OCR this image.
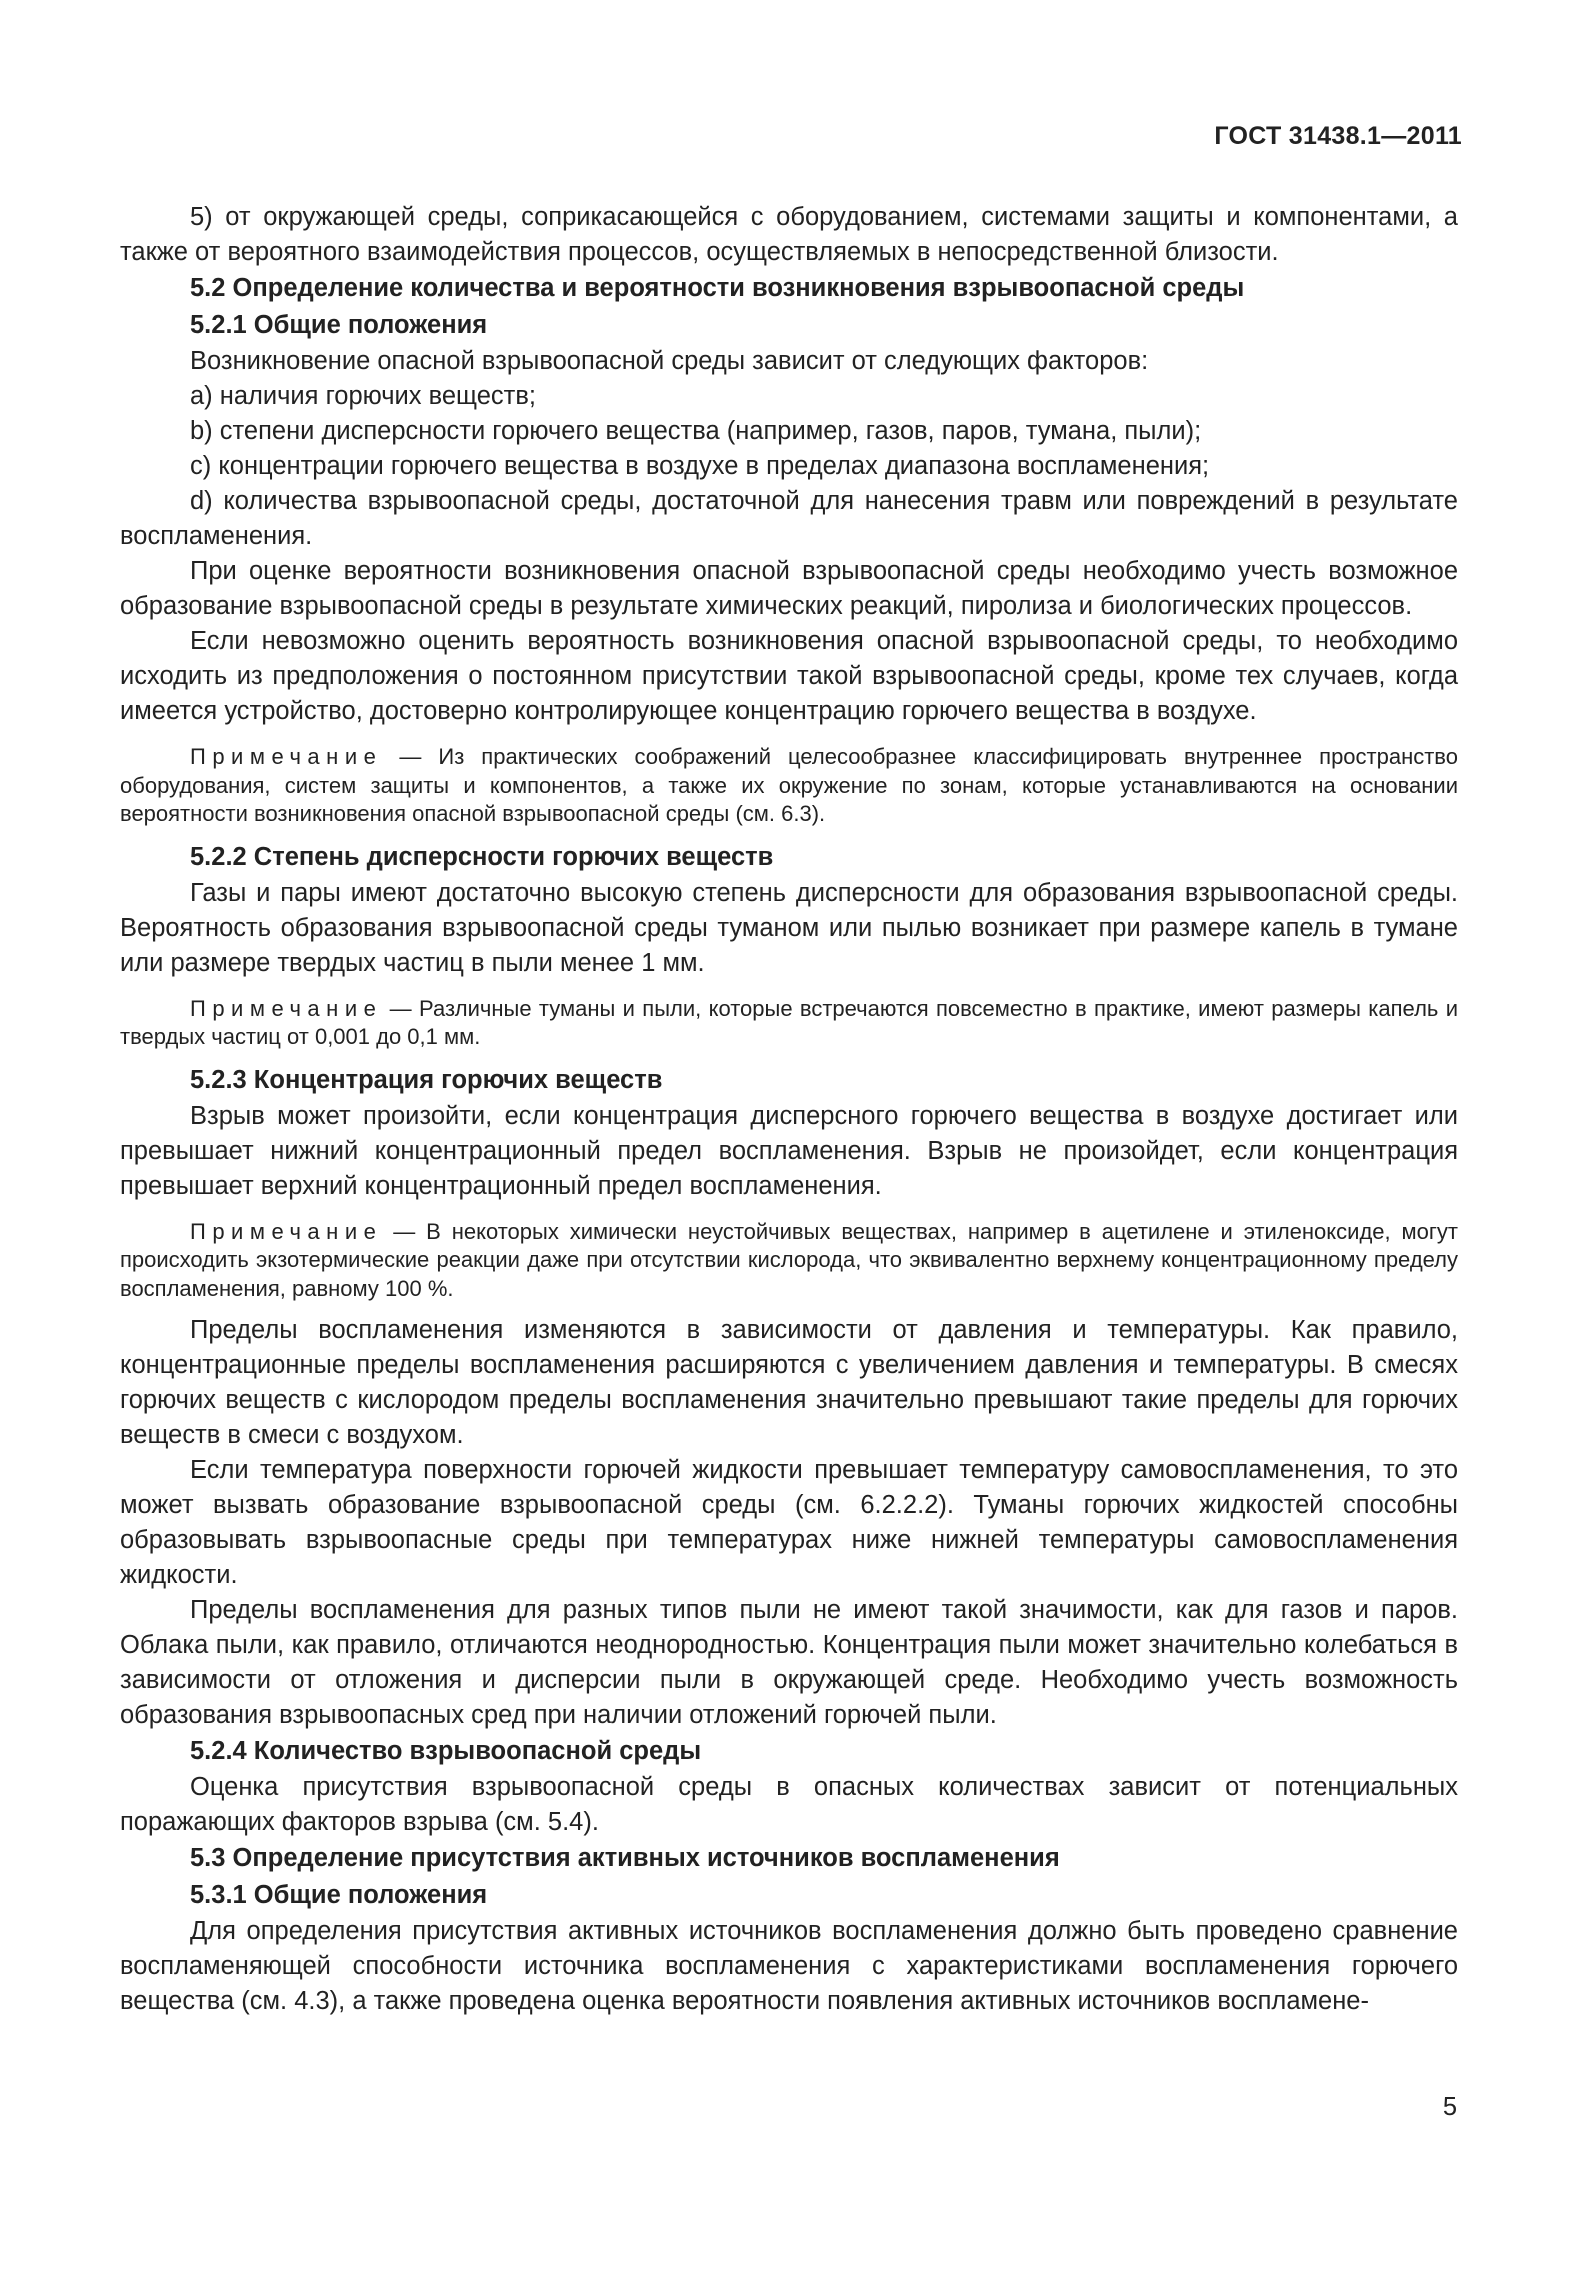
ГОСТ 31438.1—2011

5) от окружающей среды, соприкасающейся с оборудованием, системами защиты и компонентами, а также от вероятного взаимодействия процессов, осуществляемых в непосредственной близости.

5.2 Определение количества и вероятности возникновения взрывоопасной среды
5.2.1 Общие положения

Возникновение опасной взрывоопасной среды зависит от следующих факторов:

а) наличия горючих веществ;

b) степени дисперсности горючего вещества (например, газов, паров, тумана, пыли);

с) концентрации горючего вещества в воздухе в пределах диапазона воспламенения;

d) количества взрывоопасной среды, достаточной для нанесения травм или повреждений в результате воспламенения.

При оценке вероятности возникновения опасной взрывоопасной среды необходимо учесть возможное образование взрывоопасной среды в результате химических реакций, пиролиза и биологических процессов.

Если невозможно оценить вероятность возникновения опасной взрывоопасной среды, то необходимо исходить из предположения о постоянном присутствии такой взрывоопасной среды, кроме тех случаев, когда имеется устройство, достоверно контролирующее концентрацию горючего вещества в воздухе.

Примечание — Из практических соображений целесообразнее классифицировать внутреннее пространство оборудования, систем защиты и компонентов, а также их окружение по зонам, которые устанавливаются на основании вероятности возникновения опасной взрывоопасной среды (см. 6.3).

5.2.2 Степень дисперсности горючих веществ

Газы и пары имеют достаточно высокую степень дисперсности для образования взрывоопасной среды. Вероятность образования взрывоопасной среды туманом или пылью возникает при размере капель в тумане или размере твердых частиц в пыли менее 1 мм.

Примечание — Различные туманы и пыли, которые встречаются повсеместно в практике, имеют размеры капель и твердых частиц от 0,001 до 0,1 мм.

5.2.3 Концентрация горючих веществ

Взрыв может произойти, если концентрация дисперсного горючего вещества в воздухе достигает или превышает нижний концентрационный предел воспламенения. Взрыв не произойдет, если концентрация превышает верхний концентрационный предел воспламенения.

Примечание — В некоторых химически неустойчивых веществах, например в ацетилене и этиленоксиде, могут происходить экзотермические реакции даже при отсутствии кислорода, что эквивалентно верхнему концентрационному пределу воспламенения, равному 100 %.

Пределы воспламенения изменяются в зависимости от давления и температуры. Как правило, концентрационные пределы воспламенения расширяются с увеличением давления и температуры. В смесях горючих веществ с кислородом пределы воспламенения значительно превышают такие пределы для горючих веществ в смеси с воздухом.

Если температура поверхности горючей жидкости превышает температуру самовоспламенения, то это может вызвать образование взрывоопасной среды (см. 6.2.2.2). Туманы горючих жидкостей способны образовывать взрывоопасные среды при температурах ниже нижней температуры самовоспламенения жидкости.

Пределы воспламенения для разных типов пыли не имеют такой значимости, как для газов и паров. Облака пыли, как правило, отличаются неоднородностью. Концентрация пыли может значительно колебаться в зависимости от отложения и дисперсии пыли в окружающей среде. Необходимо учесть возможность образования взрывоопасных сред при наличии отложений горючей пыли.

5.2.4 Количество взрывоопасной среды

Оценка присутствия взрывоопасной среды в опасных количествах зависит от потенциальных поражающих факторов взрыва (см. 5.4).

5.3 Определение присутствия активных источников воспламенения
5.3.1 Общие положения

Для определения присутствия активных источников воспламенения должно быть проведено сравнение воспламеняющей способности источника воспламенения с характеристиками воспламенения горючего вещества (см. 4.3), а также проведена оценка вероятности появления активных источников воспламене-

5
